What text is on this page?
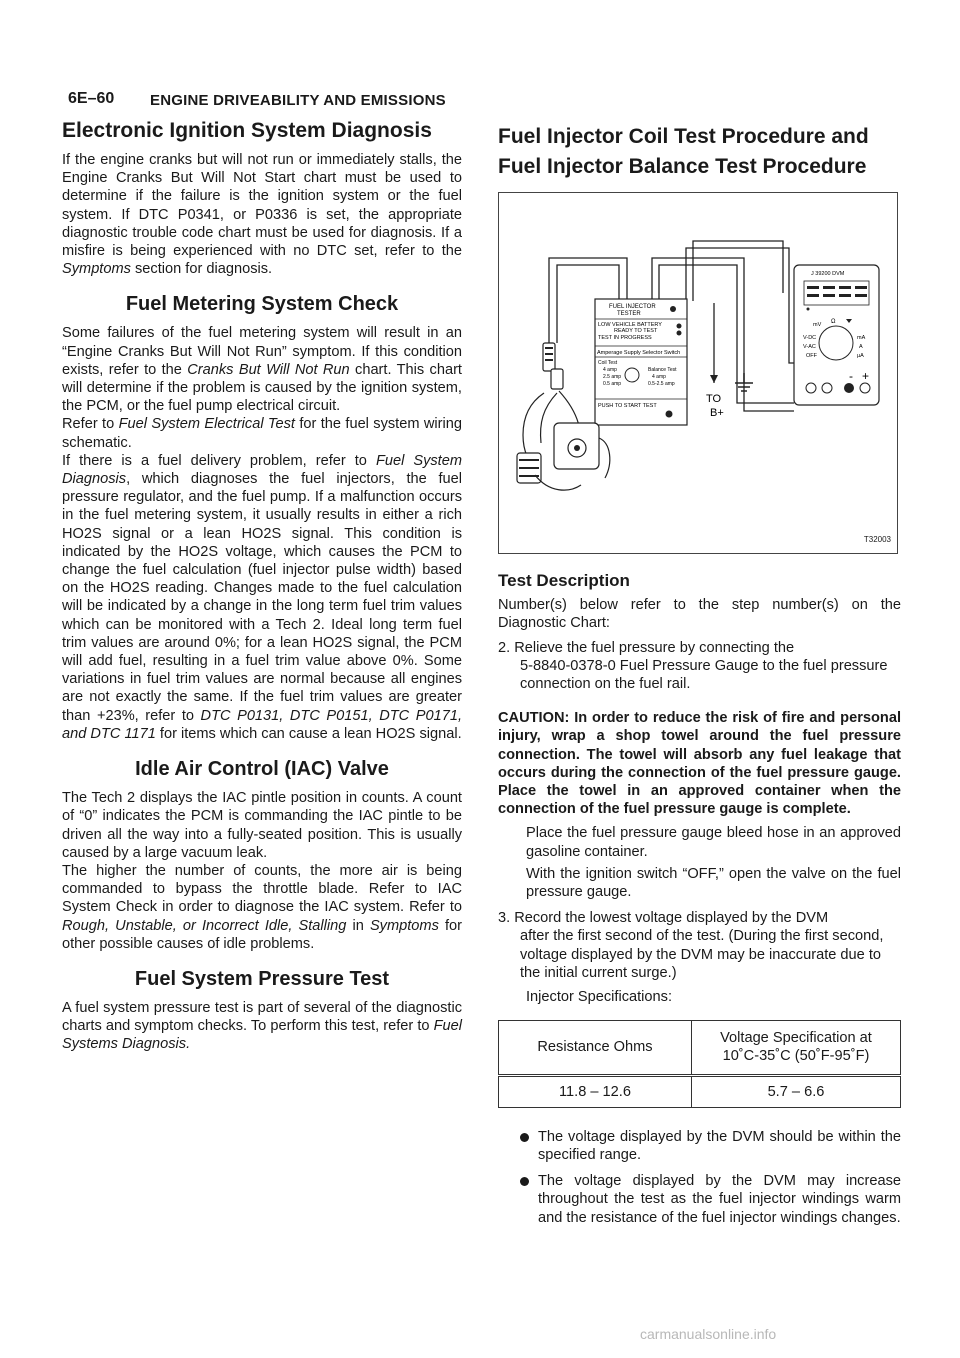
6E–60 ENGINE DRIVEABILITY AND EMISSIONS
Electronic Ignition System Diagnosis

If the engine cranks but will not run or immediately stalls, the Engine Cranks But Will Not Start chart must be used to determine if the failure is the ignition system or the fuel system. If DTC P0341, or P0336 is set, the appropriate diagnostic trouble code chart must be used for diagnosis. If a misfire is being experienced with no DTC set, refer to the Symptoms section for diagnosis.

Fuel Metering System Check

Some failures of the fuel metering system will result in an “Engine Cranks But Will Not Run” symptom. If this condition exists, refer to the Cranks But Will Not Run chart. This chart will determine if the problem is caused by the ignition system, the PCM, or the fuel pump electrical circuit.

Refer to Fuel System Electrical Test for the fuel system wiring schematic.

If there is a fuel delivery problem, refer to Fuel System Diagnosis, which diagnoses the fuel injectors, the fuel pressure regulator, and the fuel pump. If a malfunction occurs in the fuel metering system, it usually results in either a rich HO2S signal or a lean HO2S signal. This condition is indicated by the HO2S voltage, which causes the PCM to change the fuel calculation (fuel injector pulse width) based on the HO2S reading. Changes made to the fuel calculation will be indicated by a change in the long term fuel trim values which can be monitored with a Tech 2. Ideal long term fuel trim values are around 0%; for a lean HO2S signal, the PCM will add fuel, resulting in a fuel trim value above 0%. Some variations in fuel trim values are normal because all engines are not exactly the same. If the fuel trim values are greater than +23%, refer to DTC P0131, DTC P0151, DTC P0171, and DTC 1171 for items which can cause a lean HO2S signal.

Idle Air Control (IAC) Valve

The Tech 2 displays the IAC pintle position in counts. A count of “0” indicates the PCM is commanding the IAC pintle to be driven all the way into a fully-seated position. This is usually caused by a large vacuum leak.

The higher the number of counts, the more air is being commanded to bypass the throttle blade. Refer to IAC System Check in order to diagnose the IAC system. Refer to Rough, Unstable, or Incorrect Idle, Stalling in Symptoms for other possible causes of idle problems.

Fuel System Pressure Test

A fuel system pressure test is part of several of the diagnostic charts and symptom checks. To perform this test, refer to Fuel Systems Diagnosis.

Fuel Injector Coil Test Procedure and
Fuel Injector Balance Test Procedure
TO
B+
FUEL INJECTOR
TESTER
LOW VEHICLE BATTERY
READY TO TEST
TEST IN PROGRESS
Amperage Supply Selector Switch
Coil Test
4 amp
2.5 amp
0.5 amp
Balance Test
4 amp
0.5-2.5 amp
PUSH TO START TEST
J 39200 DVM
mV Ω
V-DC
V-AC
OFF
mA
A
µA
- +
T32003
Test Description

Number(s) below refer to the step number(s) on the Diagnostic Chart:

2. Relieve the fuel pressure by connecting the
5-8840-0378-0 Fuel Pressure Gauge to the fuel pressure connection on the fuel rail.

CAUTION: In order to reduce the risk of fire and personal injury, wrap a shop towel around the fuel pressure connection. The towel will absorb any fuel leakage that occurs during the connection of the fuel pressure gauge. Place the towel in an approved container when the connection of the fuel pressure gauge is complete.

Place the fuel pressure gauge bleed hose in an approved gasoline container.

With the ignition switch “OFF,” open the valve on the fuel pressure gauge.

3. Record the lowest voltage displayed by the DVM
after the first second of the test. (During the first second, voltage displayed by the DVM may be inaccurate due to the initial current surge.)

Injector Specifications:

Resistance Ohms	Voltage Specification at
10˚C-35˚C (50˚F-95˚F)

11.8 – 12.6	5.7 – 6.6
The voltage displayed by the DVM should be within the specified range.
The voltage displayed by the DVM may increase throughout the test as the fuel injector windings warm and the resistance of the fuel injector windings changes.
carmanualsonline.info
